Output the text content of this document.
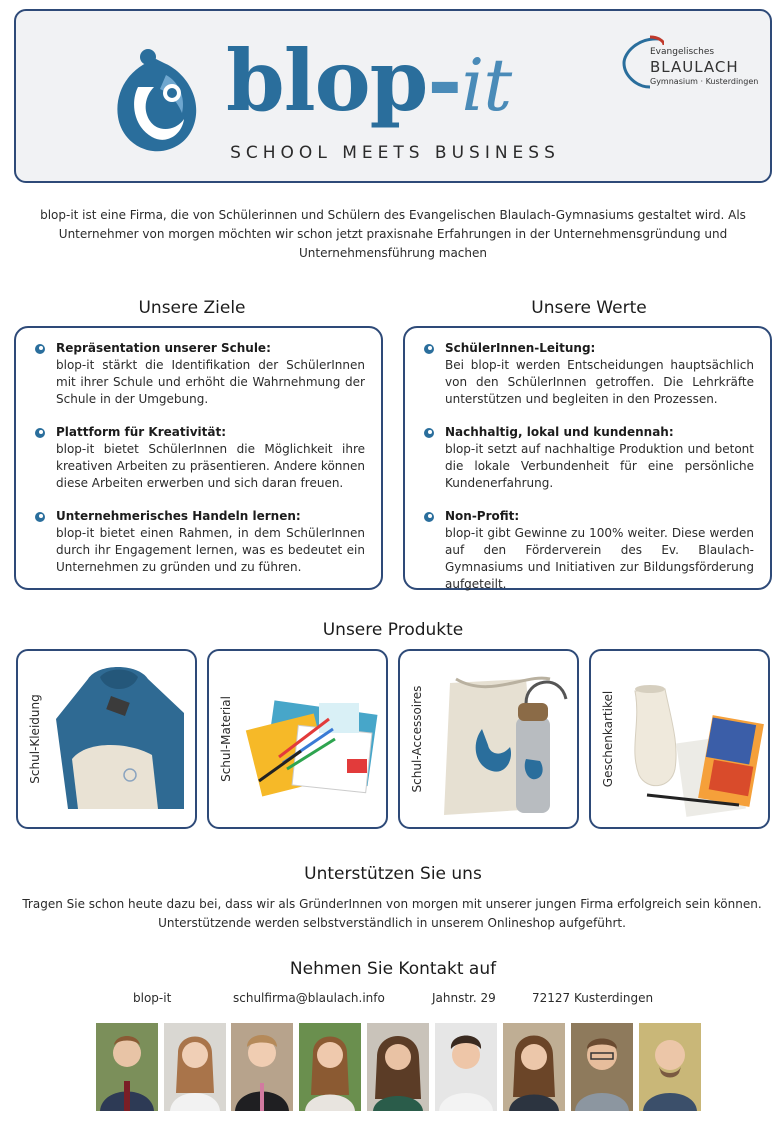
blop-it
SCHOOL MEETS BUSINESS
Evangelisches
BLAULACH
Gymnasium · Kusterdingen
blop-it ist eine Firma, die von Schülerinnen und Schülern des Evangelischen Blaulach-Gymnasiums gestaltet wird. Als Unternehmer von morgen möchten wir schon jetzt praxisnahe Erfahrungen in der Unternehmensgründung und Unternehmensführung machen
Unsere Ziele
Repräsentation unserer Schule:
blop-it stärkt die Identifikation der SchülerInnen mit ihrer Schule und erhöht die Wahrnehmung der Schule in der Umgebung.
Plattform für Kreativität:
blop-it bietet SchülerInnen die Möglichkeit ihre kreativen Arbeiten zu präsentieren. Andere können diese Arbeiten erwerben und sich daran freuen.
Unternehmerisches Handeln lernen:
blop-it bietet einen Rahmen, in dem SchülerInnen durch ihr Engagement lernen, was es bedeutet ein Unternehmen zu gründen und zu führen.
Unsere Werte
SchülerInnen-Leitung:
Bei blop-it werden Entscheidungen hauptsächlich von den SchülerInnen getroffen. Die Lehrkräfte unterstützen und begleiten in den Prozessen.
Nachhaltig, lokal und kundennah:
blop-it setzt auf nachhaltige Produktion und betont die lokale Verbundenheit für eine persönliche Kundenerfahrung.
Non-Profit:
blop-it gibt Gewinne zu 100% weiter. Diese werden auf den Förderverein des Ev. Blaulach-Gymnasiums und Initiativen zur Bildungsförderung aufgeteilt.
Unsere Produkte
Schul-Kleidung	Schul-Material	Schul-Accessoires	Geschenkartikel
Unterstützen Sie uns
Tragen Sie schon heute dazu bei, dass wir als GründerInnen von morgen mit unserer jungen Firma erfolgreich sein können. Unterstützende werden selbstverständlich in unserem Onlineshop aufgeführt.
Nehmen Sie Kontakt auf
blop-it	schulfirma@blaulach.info	Jahnstr. 29	72127 Kusterdingen
